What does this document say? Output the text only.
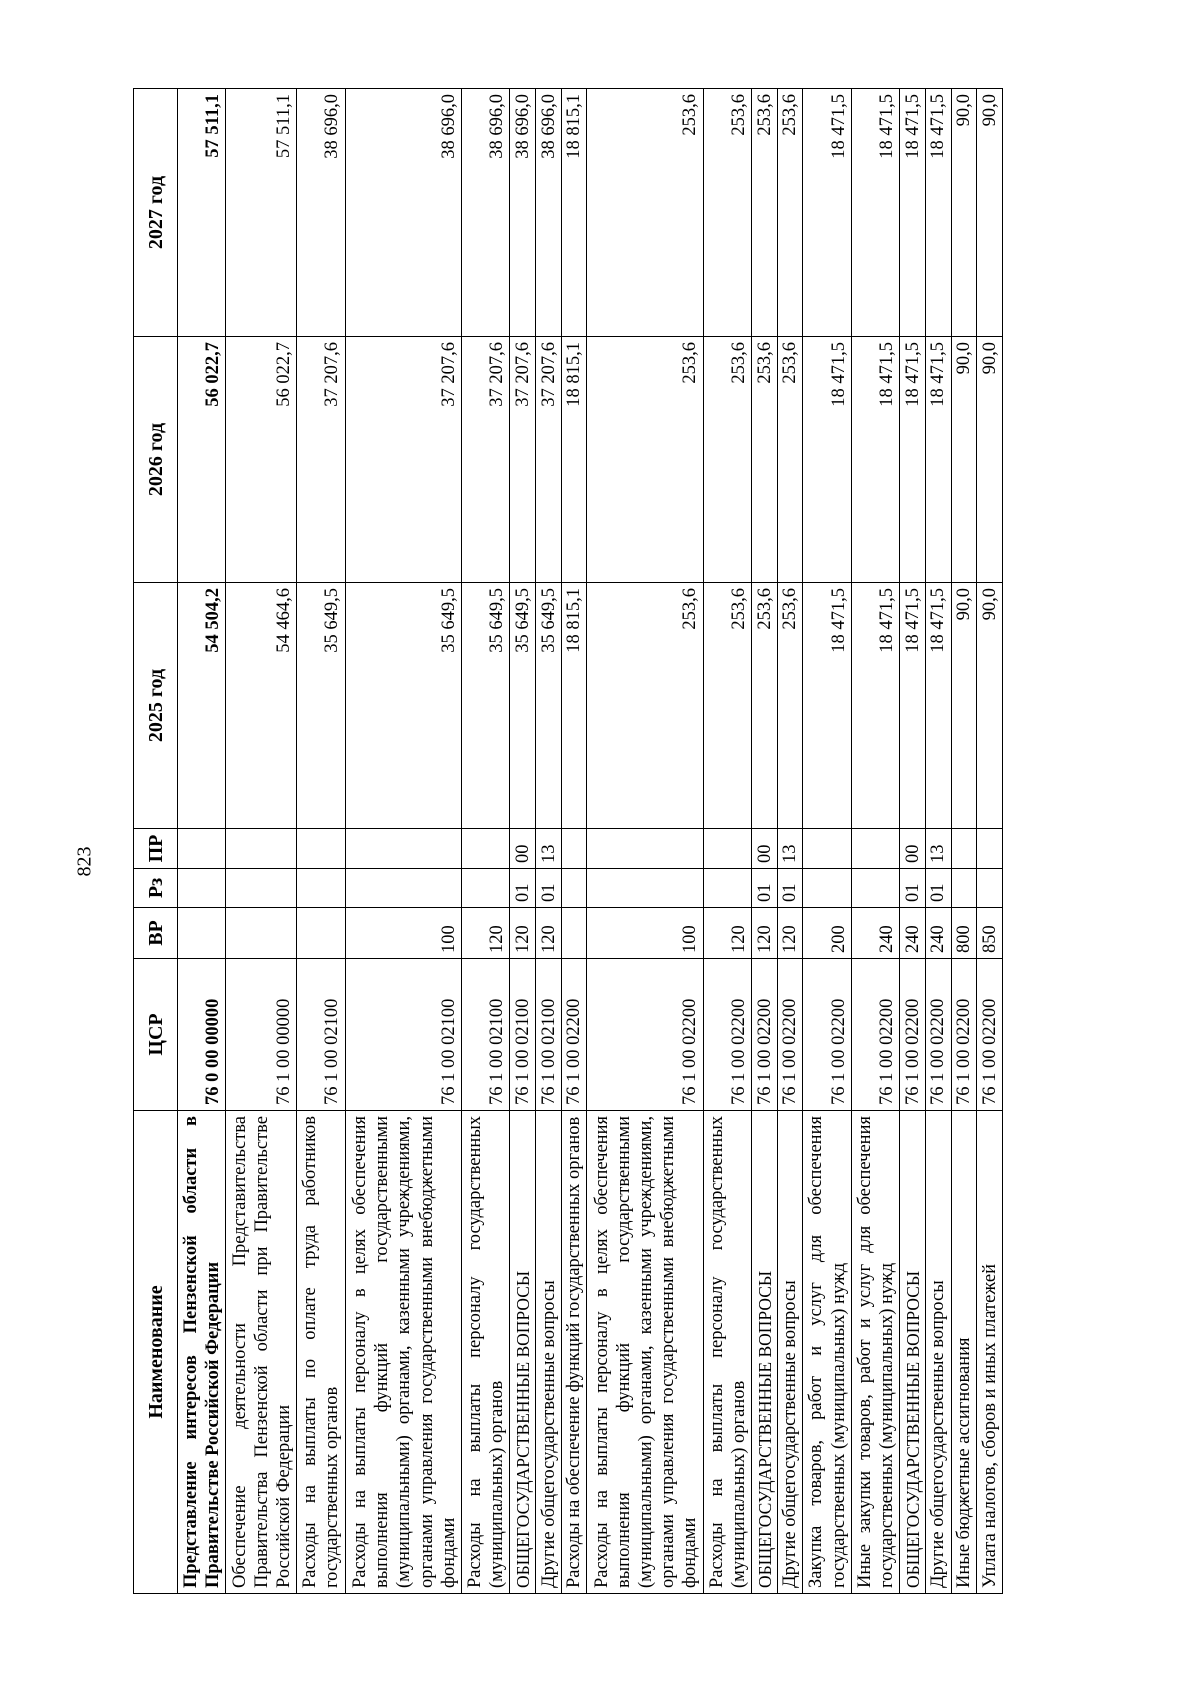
823
Наименование	ЦСР	ВР	Рз	ПР	2025 год	2026 год	2027 год
Представление интересов Пензенской области в Правительстве Российской Федерации	76 0 00 00000				54 504,2	56 022,7	57 511,1
Обеспечение деятельности Представительства Правительства Пензенской области при Правительстве Российской Федерации	76 1 00 00000				54 464,6	56 022,7	57 511,1
Расходы на выплаты по оплате труда работников государственных органов	76 1 00 02100				35 649,5	37 207,6	38 696,0
Расходы на выплаты персоналу в целях обеспечения выполнения функций государственными (муниципальными) органами, казенными учреждениями, органами управления государственными внебюджетными фондами	76 1 00 02100	100			35 649,5	37 207,6	38 696,0
Расходы на выплаты персоналу государственных (муниципальных) органов	76 1 00 02100	120			35 649,5	37 207,6	38 696,0
ОБЩЕГОСУДАРСТВЕННЫЕ ВОПРОСЫ	76 1 00 02100	120	01	00	35 649,5	37 207,6	38 696,0
Другие общегосударственные вопросы	76 1 00 02100	120	01	13	35 649,5	37 207,6	38 696,0
Расходы на обеспечение функций государственных органов	76 1 00 02200				18 815,1	18 815,1	18 815,1
Расходы на выплаты персоналу в целях обеспечения выполнения функций государственными (муниципальными) органами, казенными учреждениями, органами управления государственными внебюджетными фондами	76 1 00 02200	100			253,6	253,6	253,6
Расходы на выплаты персоналу государственных (муниципальных) органов	76 1 00 02200	120			253,6	253,6	253,6
ОБЩЕГОСУДАРСТВЕННЫЕ ВОПРОСЫ	76 1 00 02200	120	01	00	253,6	253,6	253,6
Другие общегосударственные вопросы	76 1 00 02200	120	01	13	253,6	253,6	253,6
Закупка товаров, работ и услуг для обеспечения государственных (муниципальных) нужд	76 1 00 02200	200			18 471,5	18 471,5	18 471,5
Иные закупки товаров, работ и услуг для обеспечения государственных (муниципальных) нужд	76 1 00 02200	240			18 471,5	18 471,5	18 471,5
ОБЩЕГОСУДАРСТВЕННЫЕ ВОПРОСЫ	76 1 00 02200	240	01	00	18 471,5	18 471,5	18 471,5
Другие общегосударственные вопросы	76 1 00 02200	240	01	13	18 471,5	18 471,5	18 471,5
Иные бюджетные ассигнования	76 1 00 02200	800			90,0	90,0	90,0
Уплата налогов, сборов и иных платежей	76 1 00 02200	850			90,0	90,0	90,0
